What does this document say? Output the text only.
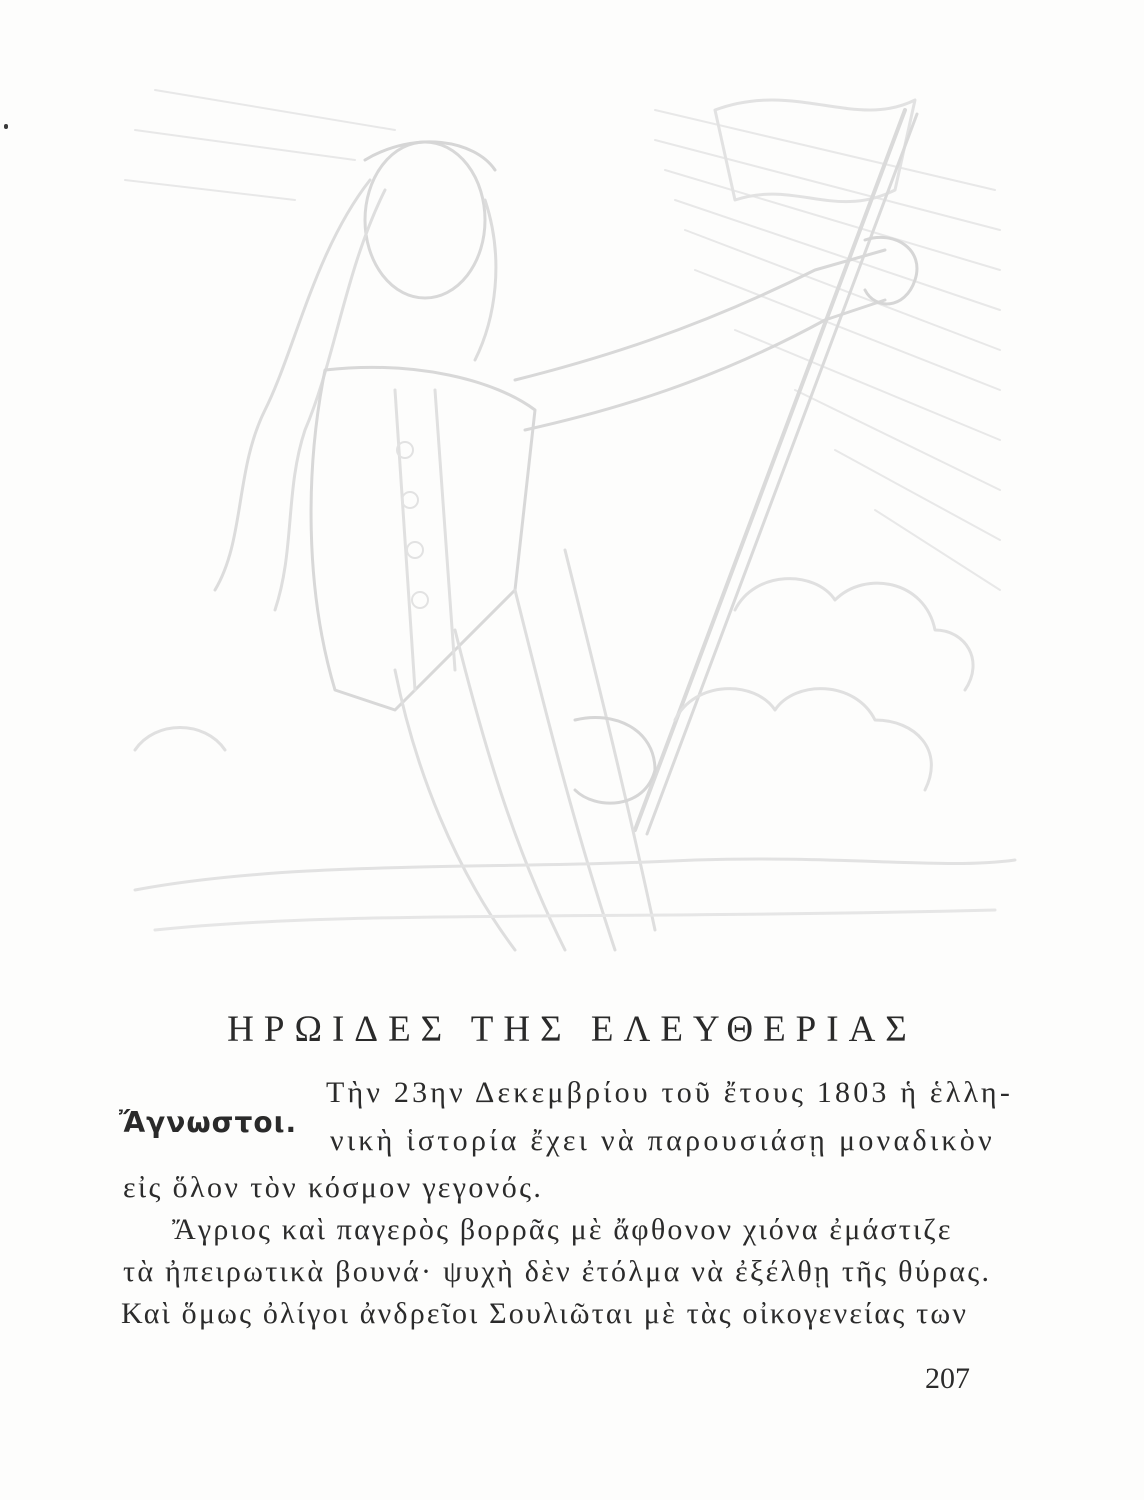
ΗΡΩΙΔΕΣ ΤΗΣ ΕΛΕΥΘΕΡΙΑΣ
Ἄγνωστοι.

Τὴν 23ην Δεκεμβρίου τοῦ ἔτους 1803 ἡ ἑλλη-

νικὴ ἱστορία ἔχει νὰ παρουσιάσῃ μοναδικὸν

εἰς ὅλον τὸν κόσμον γεγονός.

Ἄγριος καὶ παγερὸς βορρᾶς μὲ ἄφθονον χιόνα ἐμάστιζε

τὰ ἠπειρωτικὰ βουνά· ψυχὴ δὲν ἐτόλμα νὰ ἐξέλθῃ τῆς θύρας.

Καὶ ὅμως ὀλίγοι ἀνδρεῖοι Σουλιῶται μὲ τὰς οἰκογενείας των

207
